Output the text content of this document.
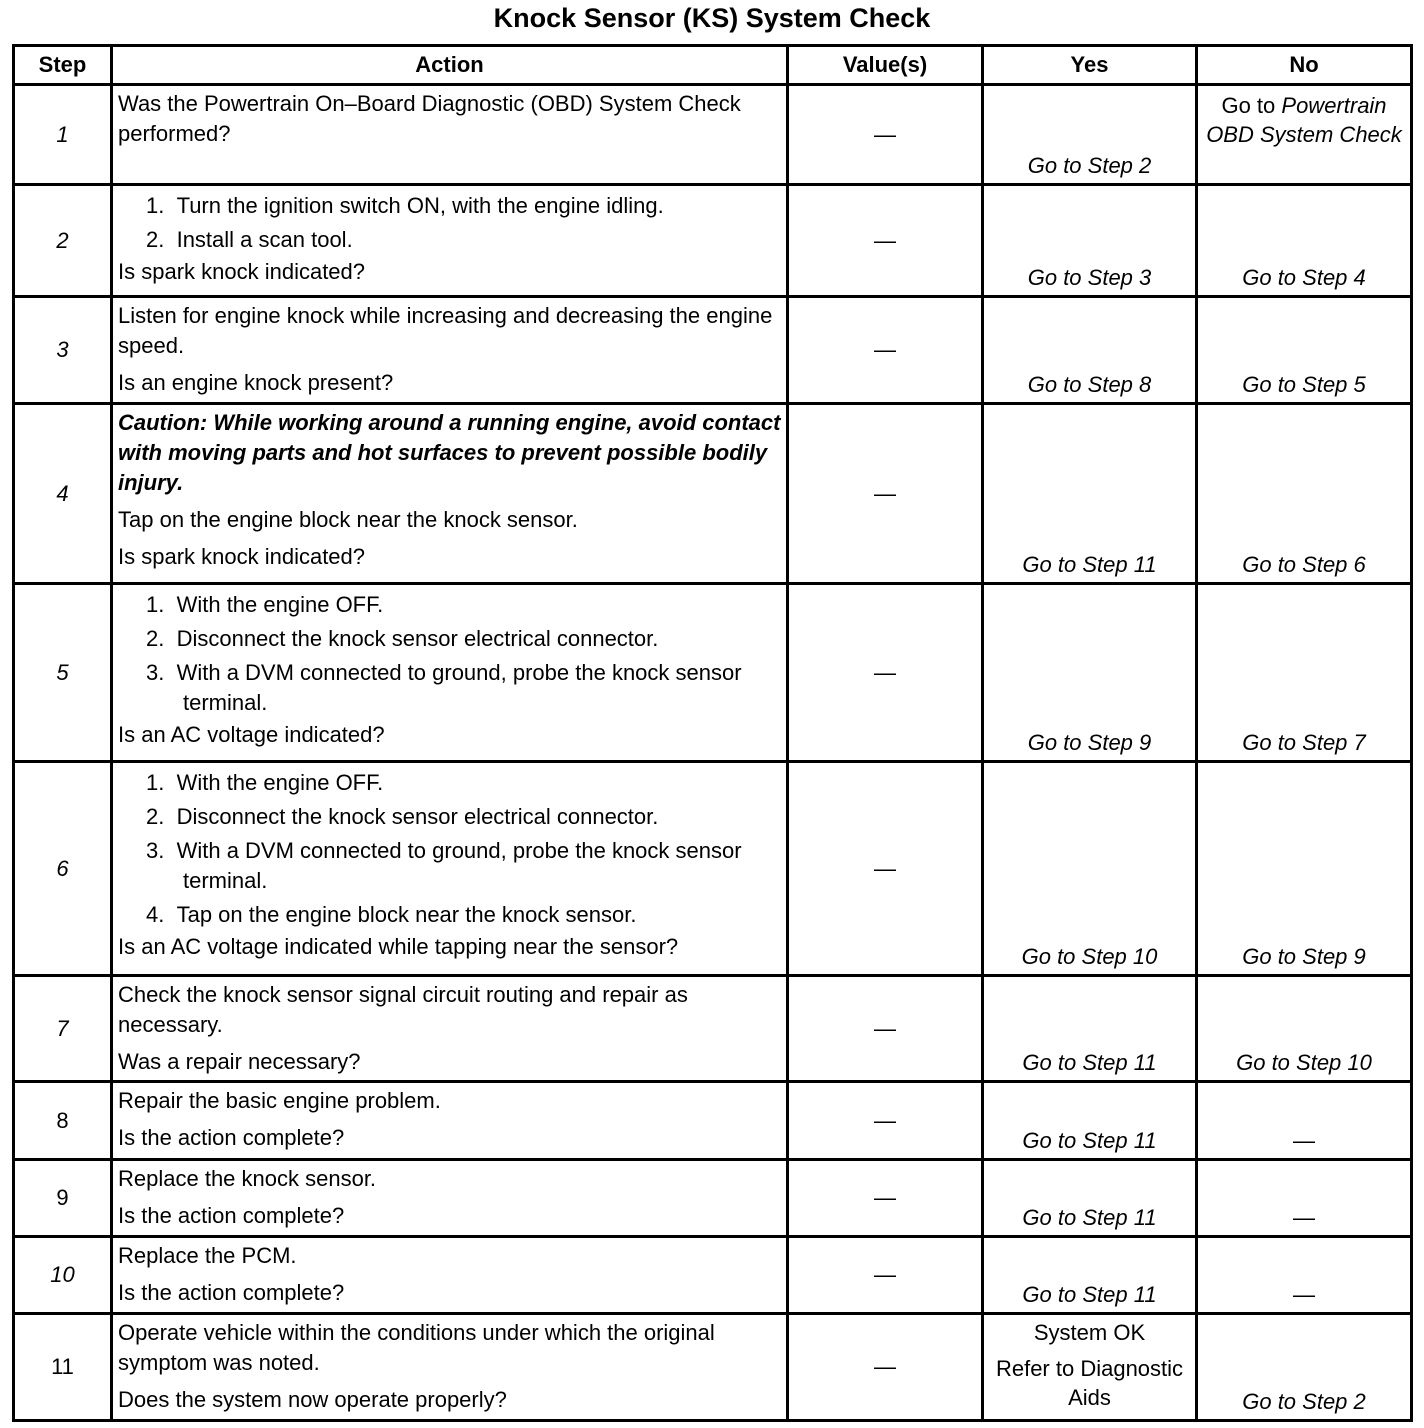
Knock Sensor (KS) System Check
Step	Action	Value(s)	Yes	No
1	Was the Powertrain On–Board Diagnostic (OBD) System Check performed?	—	Go to Step 2	Go to Powertrain OBD System Check
2	1.  Turn the ignition switch ON, with the engine idling.
2.  Install a scan tool.
Is spark knock indicated?	—	Go to Step 3	Go to Step 4
3	Listen for engine knock while increasing and decreasing the engine speed.
Is an engine knock present?	—	Go to Step 8	Go to Step 5
4	Caution: While working around a running engine, avoid contact with moving parts and hot surfaces to prevent possible bodily injury.
Tap on the engine block near the knock sensor.
Is spark knock indicated?	—	Go to Step 11	Go to Step 6
5	1.  With the engine OFF.
2.  Disconnect the knock sensor electrical connector.
3.  With a DVM connected to ground, probe the knock sensor terminal.
Is an AC voltage indicated?	—	Go to Step 9	Go to Step 7
6	1.  With the engine OFF.
2.  Disconnect the knock sensor electrical connector.
3.  With a DVM connected to ground, probe the knock sensor terminal.
4.  Tap on the engine block near the knock sensor.
Is an AC voltage indicated while tapping near the sensor?	—	Go to Step 10	Go to Step 9
7	Check the knock sensor signal circuit routing and repair as necessary.
Was a repair necessary?	—	Go to Step 11	Go to Step 10
8	Repair the basic engine problem.
Is the action complete?	—	Go to Step 11	—
9	Replace the knock sensor.
Is the action complete?	—	Go to Step 11	—
10	Replace the PCM.
Is the action complete?	—	Go to Step 11	—
11	Operate vehicle within the conditions under which the original symptom was noted.
Does the system now operate properly?	—	System OK
Refer to Diagnostic Aids	Go to Step 2
